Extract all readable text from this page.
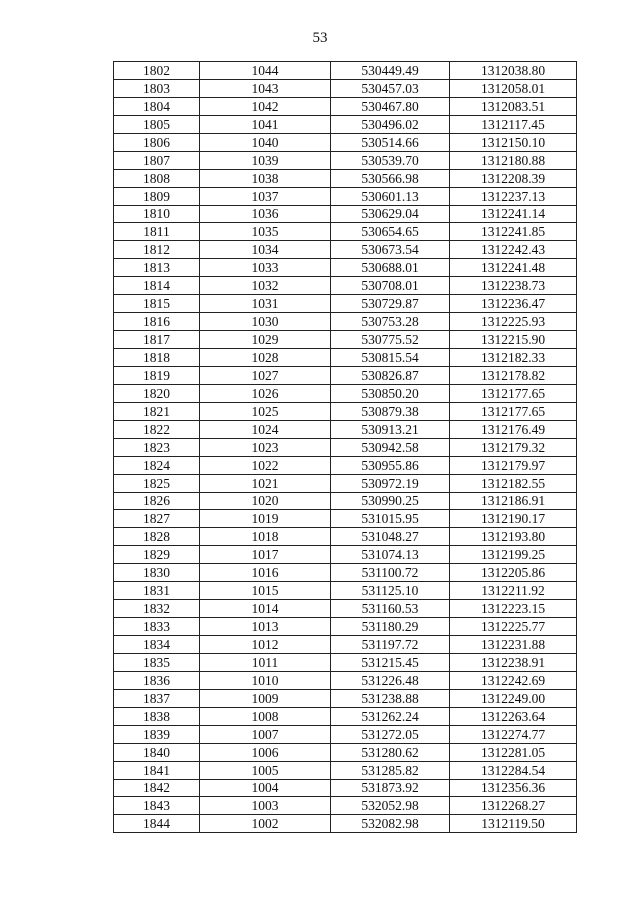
53
1802	1044	530449.49	1312038.80
1803	1043	530457.03	1312058.01
1804	1042	530467.80	1312083.51
1805	1041	530496.02	1312117.45
1806	1040	530514.66	1312150.10
1807	1039	530539.70	1312180.88
1808	1038	530566.98	1312208.39
1809	1037	530601.13	1312237.13
1810	1036	530629.04	1312241.14
1811	1035	530654.65	1312241.85
1812	1034	530673.54	1312242.43
1813	1033	530688.01	1312241.48
1814	1032	530708.01	1312238.73
1815	1031	530729.87	1312236.47
1816	1030	530753.28	1312225.93
1817	1029	530775.52	1312215.90
1818	1028	530815.54	1312182.33
1819	1027	530826.87	1312178.82
1820	1026	530850.20	1312177.65
1821	1025	530879.38	1312177.65
1822	1024	530913.21	1312176.49
1823	1023	530942.58	1312179.32
1824	1022	530955.86	1312179.97
1825	1021	530972.19	1312182.55
1826	1020	530990.25	1312186.91
1827	1019	531015.95	1312190.17
1828	1018	531048.27	1312193.80
1829	1017	531074.13	1312199.25
1830	1016	531100.72	1312205.86
1831	1015	531125.10	1312211.92
1832	1014	531160.53	1312223.15
1833	1013	531180.29	1312225.77
1834	1012	531197.72	1312231.88
1835	1011	531215.45	1312238.91
1836	1010	531226.48	1312242.69
1837	1009	531238.88	1312249.00
1838	1008	531262.24	1312263.64
1839	1007	531272.05	1312274.77
1840	1006	531280.62	1312281.05
1841	1005	531285.82	1312284.54
1842	1004	531873.92	1312356.36
1843	1003	532052.98	1312268.27
1844	1002	532082.98	1312119.50
